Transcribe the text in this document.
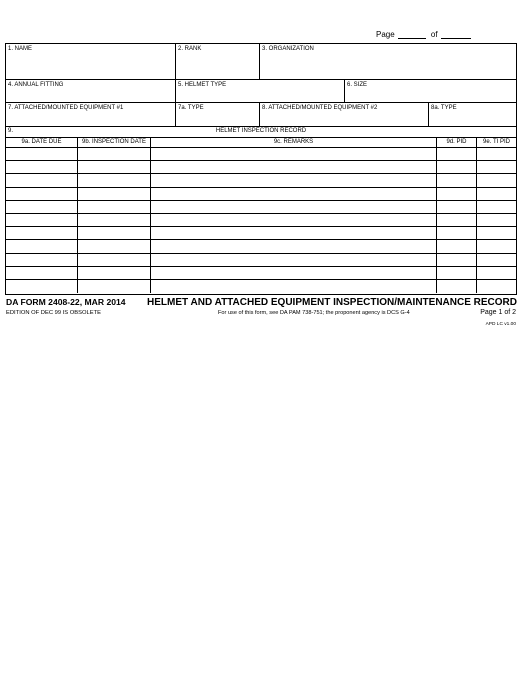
Page	of
1. NAME	2. RANK	3. ORGANIZATION
4. ANNUAL FITTING	5. HELMET TYPE	6. SIZE
7. ATTACHED/MOUNTED EQUIPMENT #1	7a. TYPE	8. ATTACHED/MOUNTED EQUIPMENT #2	8a. TYPE
9.	HELMET INSPECTION RECORD
9a. DATE DUE	9b. INSPECTION DATE	9c. REMARKS	9d. PID	9e. TI PID
DA FORM 2408-22, MAR 2014
EDITION OF DEC 99 IS OBSOLETE
HELMET AND ATTACHED EQUIPMENT INSPECTION/MAINTENANCE RECORD
For use of this form, see DA PAM 738-751; the proponent agency is DCS G-4	Page 1 of 2
APD LC v1.00
